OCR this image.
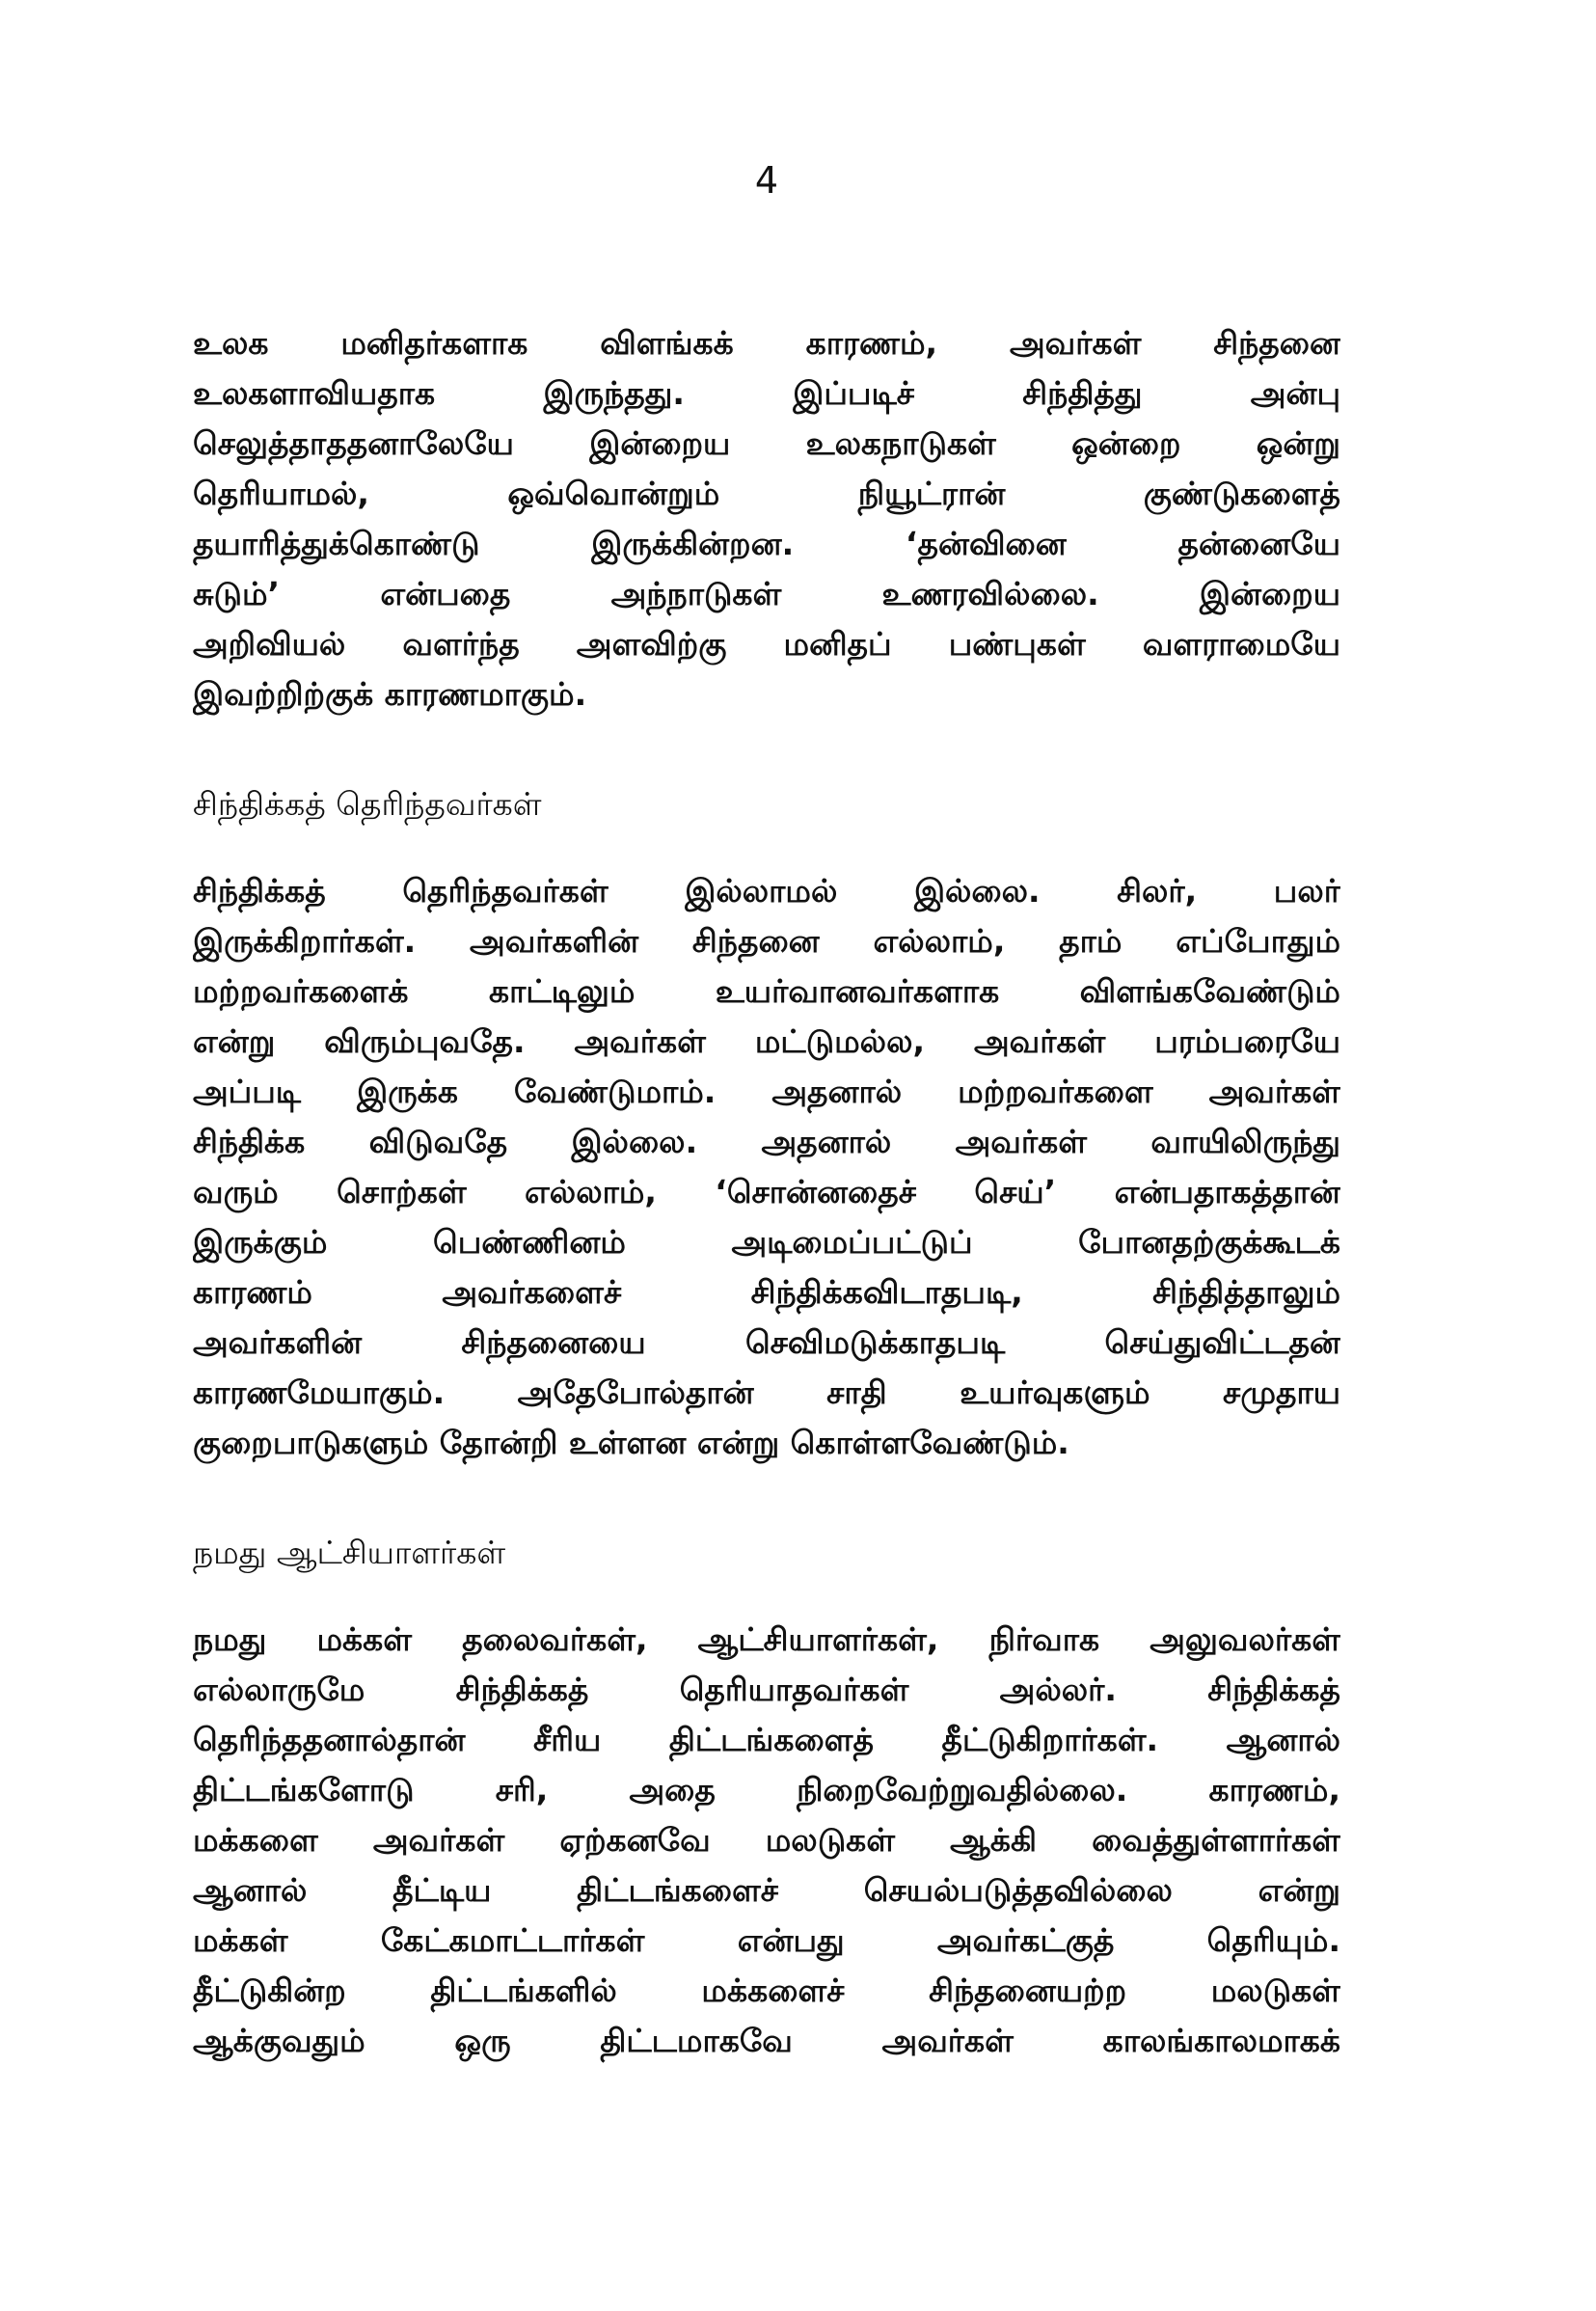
4
உலக மனிதர்களாக விளங்கக் காரணம், அவர்கள் சிந்தனை
உலகளாவியதாக இருந்தது. இப்படிச் சிந்தித்து அன்பு
செலுத்தாததனாலேயே இன்றைய உலகநாடுகள் ஒன்றை ஒன்று
தெரியாமல், ஒவ்வொன்றும் நியூட்ரான் குண்டுகளைத்
தயாரித்துக்கொண்டு இருக்கின்றன. ‘தன்வினை தன்னையே
சுடும்’ என்பதை அந்நாடுகள் உணரவில்லை. இன்றைய
அறிவியல் வளர்ந்த அளவிற்கு மனிதப் பண்புகள் வளராமையே
இவற்றிற்குக் காரணமாகும்.
சிந்திக்கத் தெரிந்தவர்கள்
சிந்திக்கத் தெரிந்தவர்கள் இல்லாமல் இல்லை. சிலர், பலர்
இருக்கிறார்கள். அவர்களின் சிந்தனை எல்லாம், தாம் எப்போதும்
மற்றவர்களைக் காட்டிலும் உயர்வானவர்களாக விளங்கவேண்டும்
என்று விரும்புவதே. அவர்கள் மட்டுமல்ல, அவர்கள் பரம்பரையே
அப்படி இருக்க வேண்டுமாம். அதனால் மற்றவர்களை அவர்கள்
சிந்திக்க விடுவதே இல்லை. அதனால் அவர்கள் வாயிலிருந்து
வரும் சொற்கள் எல்லாம், ‘சொன்னதைச் செய்’ என்பதாகத்தான்
இருக்கும் பெண்ணினம் அடிமைப்பட்டுப் போனதற்குக்கூடக்
காரணம் அவர்களைச் சிந்திக்கவிடாதபடி, சிந்தித்தாலும்
அவர்களின் சிந்தனையை செவிமடுக்காதபடி செய்துவிட்டதன்
காரணமேயாகும். அதேபோல்தான் சாதி உயர்வுகளும் சமுதாய
குறைபாடுகளும் தோன்றி உள்ளன என்று கொள்ளவேண்டும்.
நமது ஆட்சியாளர்கள்
நமது மக்கள் தலைவர்கள், ஆட்சியாளர்கள், நிர்வாக அலுவலர்கள்
எல்லாருமே சிந்திக்கத் தெரியாதவர்கள் அல்லர். சிந்திக்கத்
தெரிந்ததனால்தான் சீரிய திட்டங்களைத் தீட்டுகிறார்கள். ஆனால்
திட்டங்களோடு சரி, அதை நிறைவேற்றுவதில்லை. காரணம்,
மக்களை அவர்கள் ஏற்கனவே மலடுகள் ஆக்கி வைத்துள்ளார்கள்
ஆனால் தீட்டிய திட்டங்களைச் செயல்படுத்தவில்லை என்று
மக்கள் கேட்கமாட்டார்கள் என்பது அவர்கட்குத் தெரியும்.
தீட்டுகின்ற திட்டங்களில் மக்களைச் சிந்தனையற்ற மலடுகள்
ஆக்குவதும் ஒரு திட்டமாகவே அவர்கள் காலங்காலமாகக்
